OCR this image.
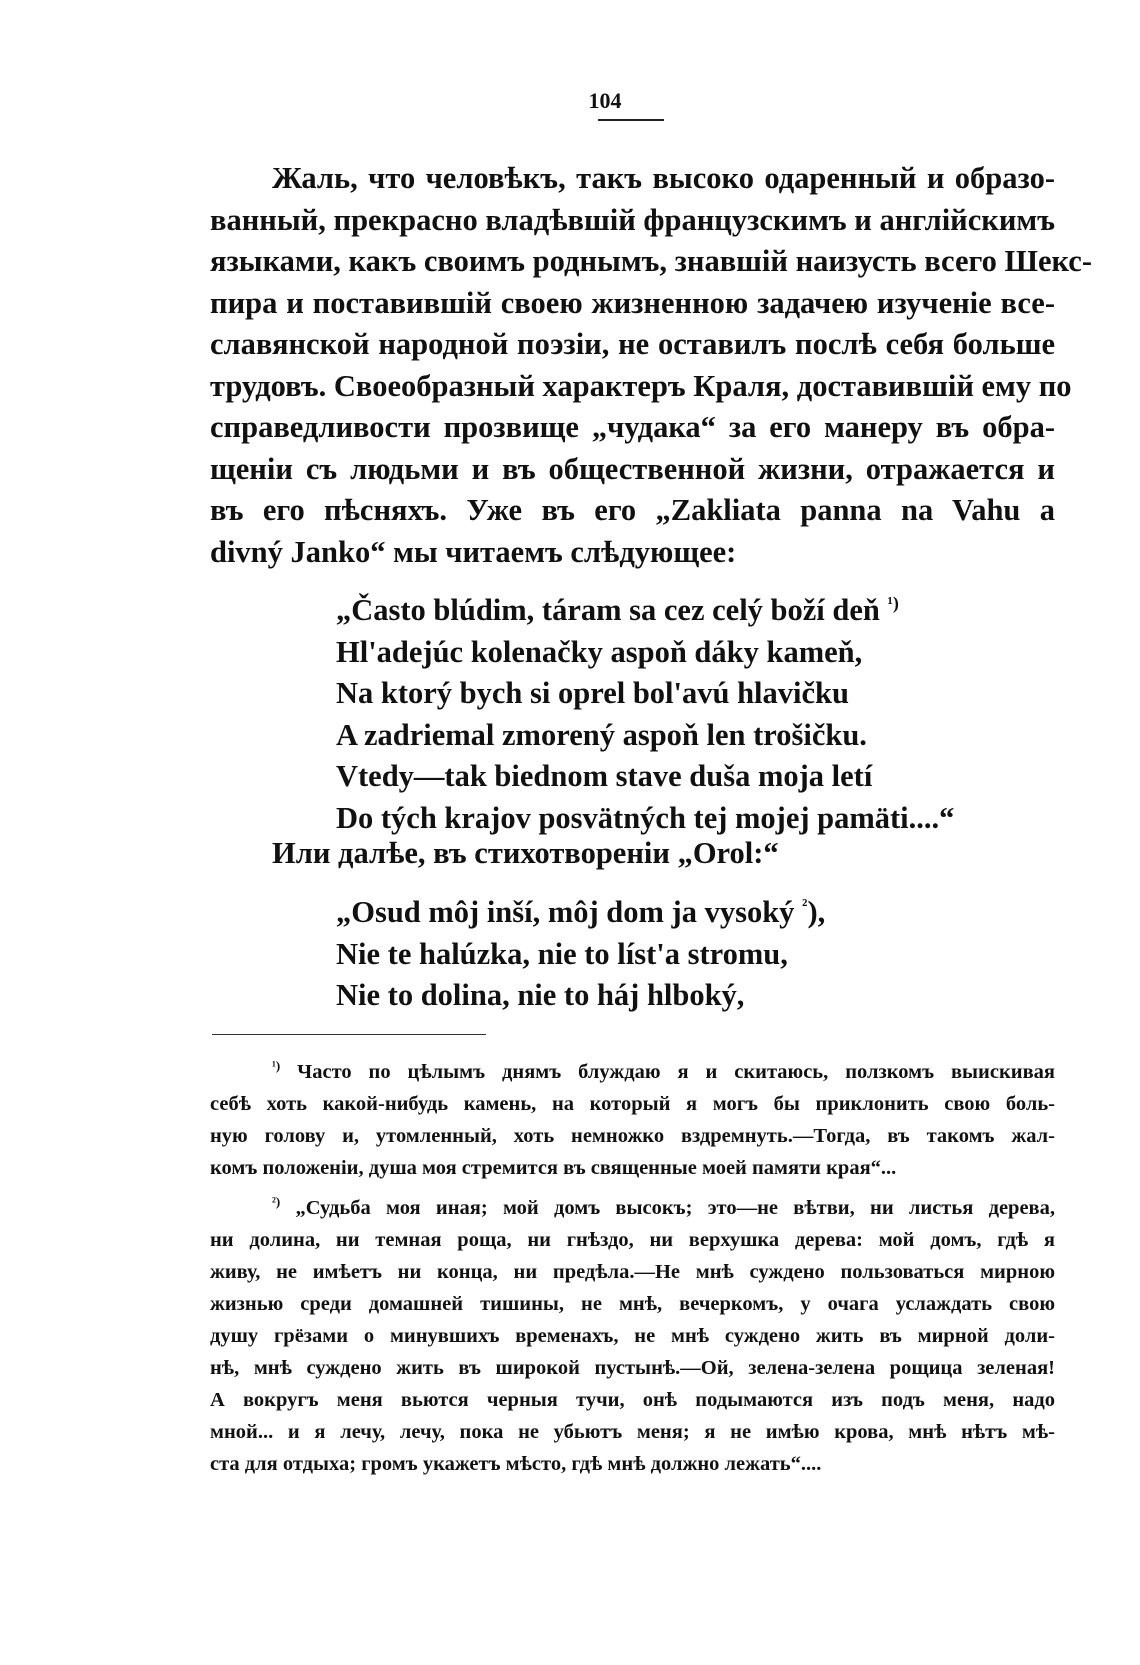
104
Жаль, что человѣкъ, такъ высоко одаренный и образо-
ванный, прекрасно владѣвшій французскимъ и англійскимъ
языками, какъ своимъ роднымъ, знавшій наизусть всего Шекс-
пира и поставившій своею жизненною задачею изученіе все-
славянской народной поэзіи, не оставилъ послѣ себя больше
трудовъ. Своеобразный характеръ Краля, доставившій ему по
справедливости прозвище „чудака“ за его манеру въ обра-
щеніи съ людьми и въ общественной жизни, отражается и
въ его пѣсняхъ. Уже въ его „Zakliata panna na Vahu a
divný Janko“ мы читаемъ слѣдующее:
„Často blúdim, táram sa cez celý boží deň $^{^1)}$
Hl'adejúc kolenačky aspoň dáky kameň,
Na ktorý bych si oprel bol'avú hlavičku
A zadriemal zmorený aspoň len trošičku.
Vtedy—tak biednom stave duša moja letí
Do tých krajov posvätných tej mojej pamäti....“
Или далѣе, въ стихотвореніи „Orol:“
„Osud môj inší, môj dom ja vysoký $^{^2}$),
Nie te halúzka, nie to líst'a stromu,
Nie to dolina, nie to háj hlboký,
$^{^1)}$ Часто по цѣлымъ днямъ блуждаю я и скитаюсь, ползкомъ выискивая
себѣ хоть какой-нибудь камень, на который я могъ бы приклонить свою боль-
ную голову и, утомленный, хоть немножко вздремнуть.—Тогда, въ такомъ жал-
комъ положеніи, душа моя стремится въ священные моей памяти края“...
$^{^2)}$ „Судьба моя иная; мой домъ высокъ; это—не вѣтви, ни листья дерева,
ни долина, ни темная роща, ни гнѣздо, ни верхушка дерева: мой домъ, гдѣ я
живу, не имѣетъ ни конца, ни предѣла.—Не мнѣ суждено пользоваться мирною
жизнью среди домашней тишины, не мнѣ, вечеркомъ, у очага услаждать свою
душу грёзами о минувшихъ временахъ, не мнѣ суждено жить въ мирной доли-
нѣ, мнѣ суждено жить въ широкой пустынѣ.—Ой, зелена-зелена рощица зеленая!
А вокругъ меня вьются черныя тучи, онѣ подымаются изъ подъ меня, надо
мной... и я лечу, лечу, пока не убьютъ меня; я не имѣю крова, мнѣ нѣтъ мѣ-
ста для отдыха; громъ укажетъ мѣсто, гдѣ мнѣ должно лежать“....
